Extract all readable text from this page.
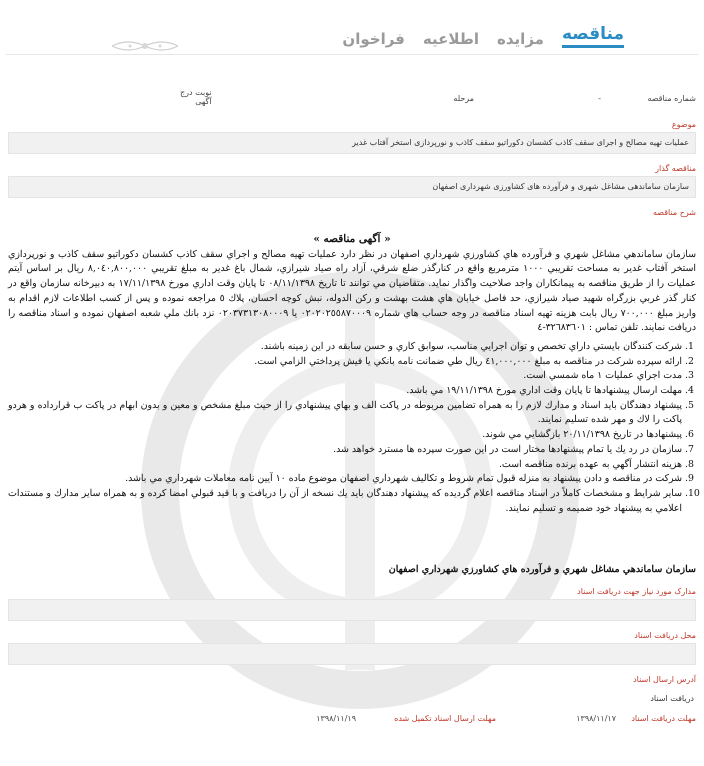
مناقصه
مزایده
اطلاعیه
فراخوان
شماره مناقصه
-
مرحله
نوبت درج
آگهی
موضوع
عملیات تهیه مصالح و اجرای سقف کاذب کشسان دکوراتیو سقف کاذب و نورپردازی استخر آفتاب غدیر
مناقصه گذار
سازمان ساماندهی مشاغل شهری و فرآورده های کشاورزی شهرداری اصفهان
شرح مناقصه
« آگهی مناقصه »

سازمان ساماندهي مشاغل شهري و فرآورده هاي كشاورزي شهرداري اصفهان در نظر دارد عمليات تهيه مصالح و اجراي سقف كاذب كشسان دكوراتيو سقف كاذب و نورپردازي استخر آفتاب غدير به مساحت تقريبي ١٠٠٠ مترمربع واقع در كنارگذر ضلع شرقي، آزاد راه صياد شيرازي، شمال باغ غدير به مبلغ تقريبي ٨,٠٤٠,٨٠٠,٠٠٠ ريال بر اساس آيتم عمليات را از طريق مناقصه به پيمانكاران واجد صلاحيت واگذار نمايد. متقاضيان مي توانند تا تاريخ ٠٨/١١/١٣٩٨ تا پايان وقت اداري مورخ ١٧/١١/١٣٩٨ به دبيرخانه سازمان واقع در كنار گذر غربي بزرگراه شهيد صياد شيرازي، حد فاصل خيابان هاي هشت بهشت و ركن الدوله، نبش كوچه احسان، پلاك ٥ مراجعه نموده و پس از كسب اطلاعات لازم اقدام به واريز مبلغ ٧٠٠,٠٠٠ ريال بابت هزينه تهيه اسناد مناقصه در وجه حساب هاي شماره ٠٢٠٢٠٢٥٥٨٧٠٠٠٩ يا ٠٢٠٣٧٣١٣٠٨٠٠٠٩ نزد بانك ملي شعبه اصفهان نموده و اسناد مناقصه را دريافت نمايند. تلفن تماس : ٣٢٦٨٣٦٠١-٤

1. شركت كنندگان بايستي داراي تخصص و توان اجرايي مناسب، سوابق كاري و حسن سابقه در اين زمينه باشند.
2. ارائه سپرده شركت در مناقصه به مبلغ ٤١,٠٠٠,٠٠٠ ريال طي ضمانت نامه بانكي يا فيش پرداختي الزامي است.
3. مدت اجراي عمليات ١ ماه شمسي است.
4. مهلت ارسال پيشنهادها تا پايان وقت اداري مورخ ١٩/١١/١٣٩٨ مي باشد.
5. پيشنهاد دهندگان بايد اسناد و مدارك لازم را به همراه تضامين مربوطه در پاكت الف و بهاي پيشنهادي را از حيث مبلغ مشخص و معين و بدون ابهام در پاكت ب قرارداده و هردو پاكت را لاك و مهر شده تسليم نمايند.
6. پيشنهادها در تاريخ ٢٠/١١/١٣٩٨ بازگشايي مي شوند.
7. سازمان در رد يك يا تمام پيشنهادها مختار است در اين صورت سپرده ها مسترد خواهد شد.
8. هزينه انتشار آگهي به عهده برنده مناقصه است.
9. شركت در مناقصه و دادن پيشنهاد به منزله قبول تمام شروط و تكاليف شهرداري اصفهان موضوع ماده ١٠ آيين نامه معاملات شهرداري مي باشد.
10. ساير شرايط و مشخصات كاملاً در اسناد مناقصه اعلام گرديده كه پيشنهاد دهندگان بايد يك نسخه از آن را دريافت و با قيد قبولي امضا كرده و به همراه ساير مدارك و مستندات اعلامي به پيشنهاد خود ضميمه و تسليم نمايند.
سازمان ساماندهي مشاغل شهري و فرآورده هاي كشاورزي شهرداري اصفهان
مدارک مورد نیاز جهت دریافت اسناد
محل دریافت اسناد
آدرس ارسال اسناد
دریافت اسناد
مهلت دریافت اسناد
۱۳۹۸/۱۱/۱۷
مهلت ارسال اسناد تکمیل شده
۱۳۹۸/۱۱/۱۹
